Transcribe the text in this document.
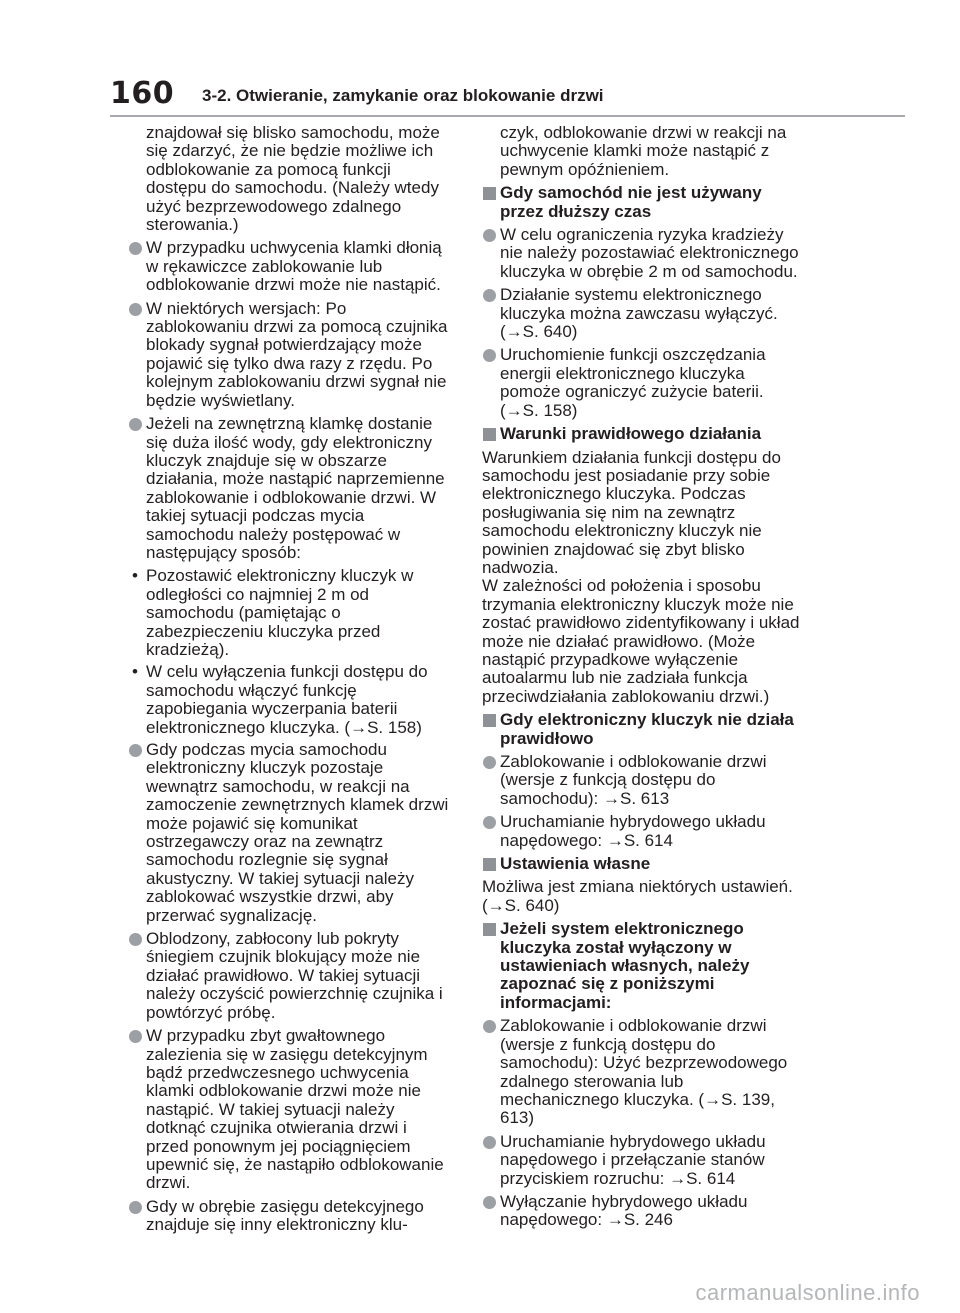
160 3-2. Otwieranie, zamykanie oraz blokowanie drzwi
znajdował się blisko samochodu, może się zdarzyć, że nie będzie możliwe ich odblokowanie za pomocą funkcji dostępu do samochodu. (Należy wtedy użyć bezprzewodowego zdalnego sterowania.)
W przypadku uchwycenia klamki dłonią w rękawiczce zablokowanie lub odblokowanie drzwi może nie nastąpić.
W niektórych wersjach: Po zablokowaniu drzwi za pomocą czujnika blokady sygnał potwierdzający może pojawić się tylko dwa razy z rzędu. Po kolejnym zablokowaniu drzwi sygnał nie będzie wyświetlany.
Jeżeli na zewnętrzną klamkę dostanie się duża ilość wody, gdy elektroniczny kluczyk znajduje się w obszarze działania, może nastąpić naprzemienne zablokowanie i odblokowanie drzwi. W takiej sytuacji podczas mycia samochodu należy postępować w następujący sposób:
• Pozostawić elektroniczny kluczyk w odległości co najmniej 2 m od samochodu (pamiętając o zabezpieczeniu kluczyka przed kradzieżą).
• W celu wyłączenia funkcji dostępu do samochodu włączyć funkcję zapobiegania wyczerpania baterii elektronicznego kluczyka. (→S. 158)
Gdy podczas mycia samochodu elektroniczny kluczyk pozostaje wewnątrz samochodu, w reakcji na zamoczenie zewnętrznych klamek drzwi może pojawić się komunikat ostrzegawczy oraz na zewnątrz samochodu rozlegnie się sygnał akustyczny. W takiej sytuacji należy zablokować wszystkie drzwi, aby przerwać sygnalizację.
Oblodzony, zabłocony lub pokryty śniegiem czujnik blokujący może nie działać prawidłowo. W takiej sytuacji należy oczyścić powierzchnię czujnika i powtórzyć próbę.
W przypadku zbyt gwałtownego zalezienia się w zasięgu detekcyjnym bądź przedwczesnego uchwycenia klamki odblokowanie drzwi może nie nastąpić. W takiej sytuacji należy dotknąć czujnika otwierania drzwi i przed ponownym jej pociągnięciem upewnić się, że nastąpiło odblokowanie drzwi.
Gdy w obrębie zasięgu detekcyjnego znajduje się inny elektroniczny klu-
czyk, odblokowanie drzwi w reakcji na uchwycenie klamki może nastąpić z pewnym opóźnieniem.
Gdy samochód nie jest używany przez dłuższy czas
W celu ograniczenia ryzyka kradzieży nie należy pozostawiać elektronicznego kluczyka w obrębie 2 m od samochodu.
Działanie systemu elektronicznego kluczyka można zawczasu wyłączyć. (→S. 640)
Uruchomienie funkcji oszczędzania energii elektronicznego kluczyka pomoże ograniczyć zużycie baterii. (→S. 158)
Warunki prawidłowego działania
Warunkiem działania funkcji dostępu do samochodu jest posiadanie przy sobie elektronicznego kluczyka. Podczas posługiwania się nim na zewnątrz samochodu elektroniczny kluczyk nie powinien znajdować się zbyt blisko nadwozia.
W zależności od położenia i sposobu trzymania elektroniczny kluczyk może nie zostać prawidłowo zidentyfikowany i układ może nie działać prawidłowo. (Może nastąpić przypadkowe wyłączenie autoalarmu lub nie zadziała funkcja przeciwdziałania zablokowaniu drzwi.)
Gdy elektroniczny kluczyk nie działa prawidłowo
Zablokowanie i odblokowanie drzwi (wersje z funkcją dostępu do samochodu): →S. 613
Uruchamianie hybrydowego układu napędowego: →S. 614
Ustawienia własne
Możliwa jest zmiana niektórych ustawień. (→S. 640)
Jeżeli system elektronicznego kluczyka został wyłączony w ustawieniach własnych, należy zapoznać się z poniższymi informacjami:
Zablokowanie i odblokowanie drzwi (wersje z funkcją dostępu do samochodu): Użyć bezprzewodowego zdalnego sterowania lub mechanicznego kluczyka. (→S. 139, 613)
Uruchamianie hybrydowego układu napędowego i przełączanie stanów przyciskiem rozruchu: →S. 614
Wyłączanie hybrydowego układu napędowego: →S. 246
carmanualsonline.info
